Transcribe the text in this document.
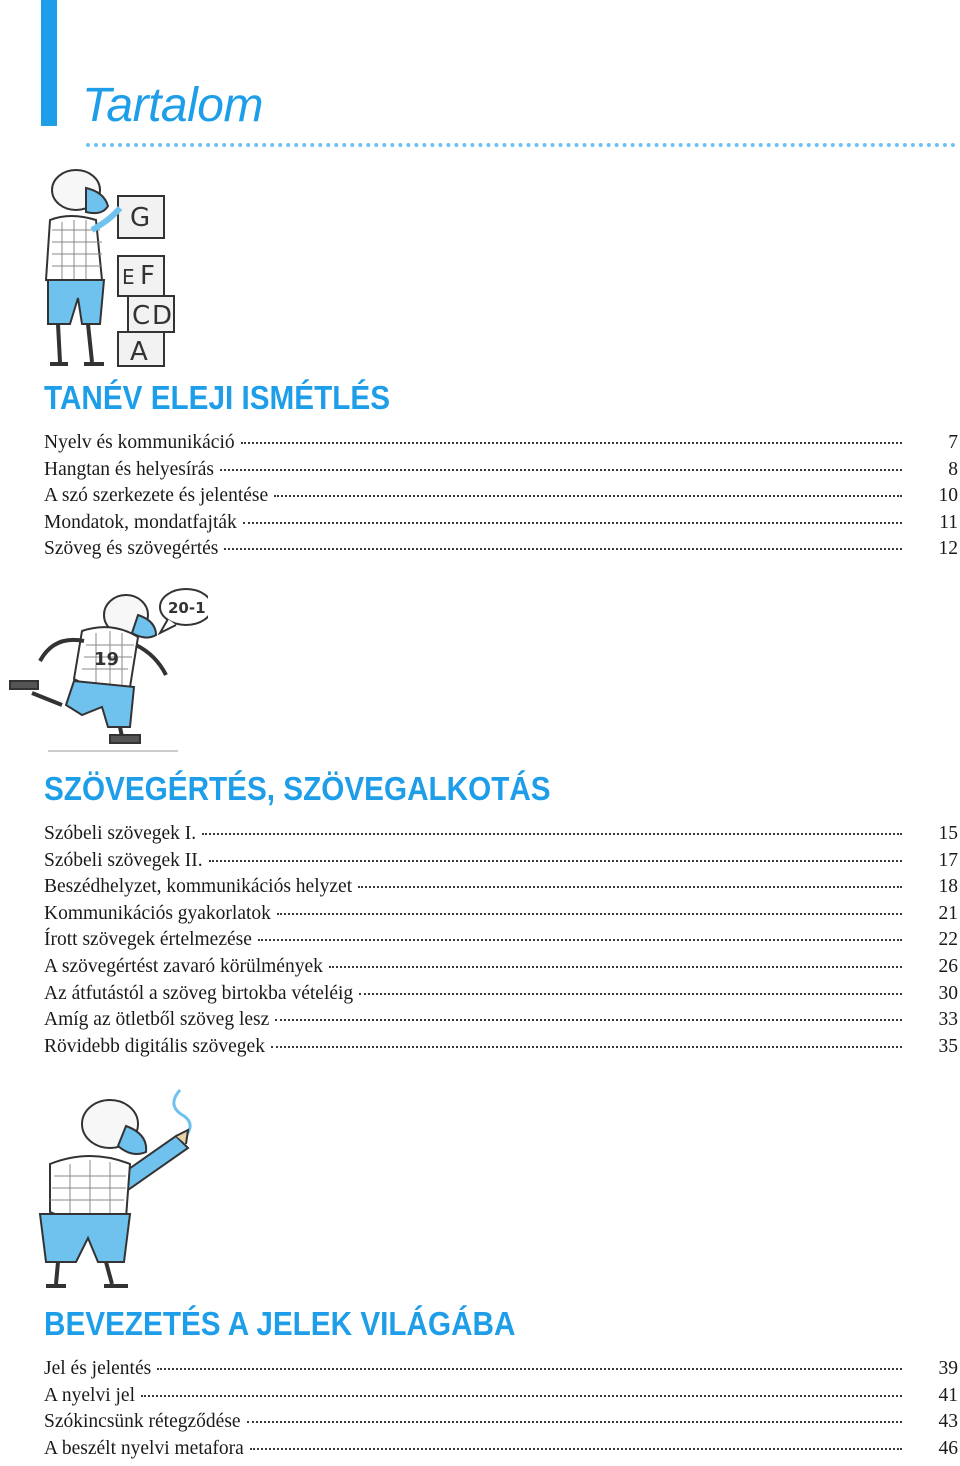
Tartalom
G
E F
C D
A
TANÉV ELEJI ISMÉTLÉS
Nyelv és kommunikáció	7
Hangtan és helyesírás	8
A szó szerkezete és jelentése	10
Mondatok, mondatfajták	11
Szöveg és szövegértés	12
20-1
19
SZÖVEGÉRTÉS, SZÖVEGALKOTÁS
Szóbeli szövegek I.	15
Szóbeli szövegek II.	17
Beszédhelyzet, kommunikációs helyzet	18
Kommunikációs gyakorlatok	21
Írott szövegek értelmezése	22
A szövegértést zavaró körülmények	26
Az átfutástól a szöveg birtokba vételéig	30
Amíg az ötletből szöveg lesz	33
Rövidebb digitális szövegek	35
BEVEZETÉS A JELEK VILÁGÁBA
Jel és jelentés	39
A nyelvi jel	41
Szókincsünk rétegződése	43
A beszélt nyelvi metafora	46
